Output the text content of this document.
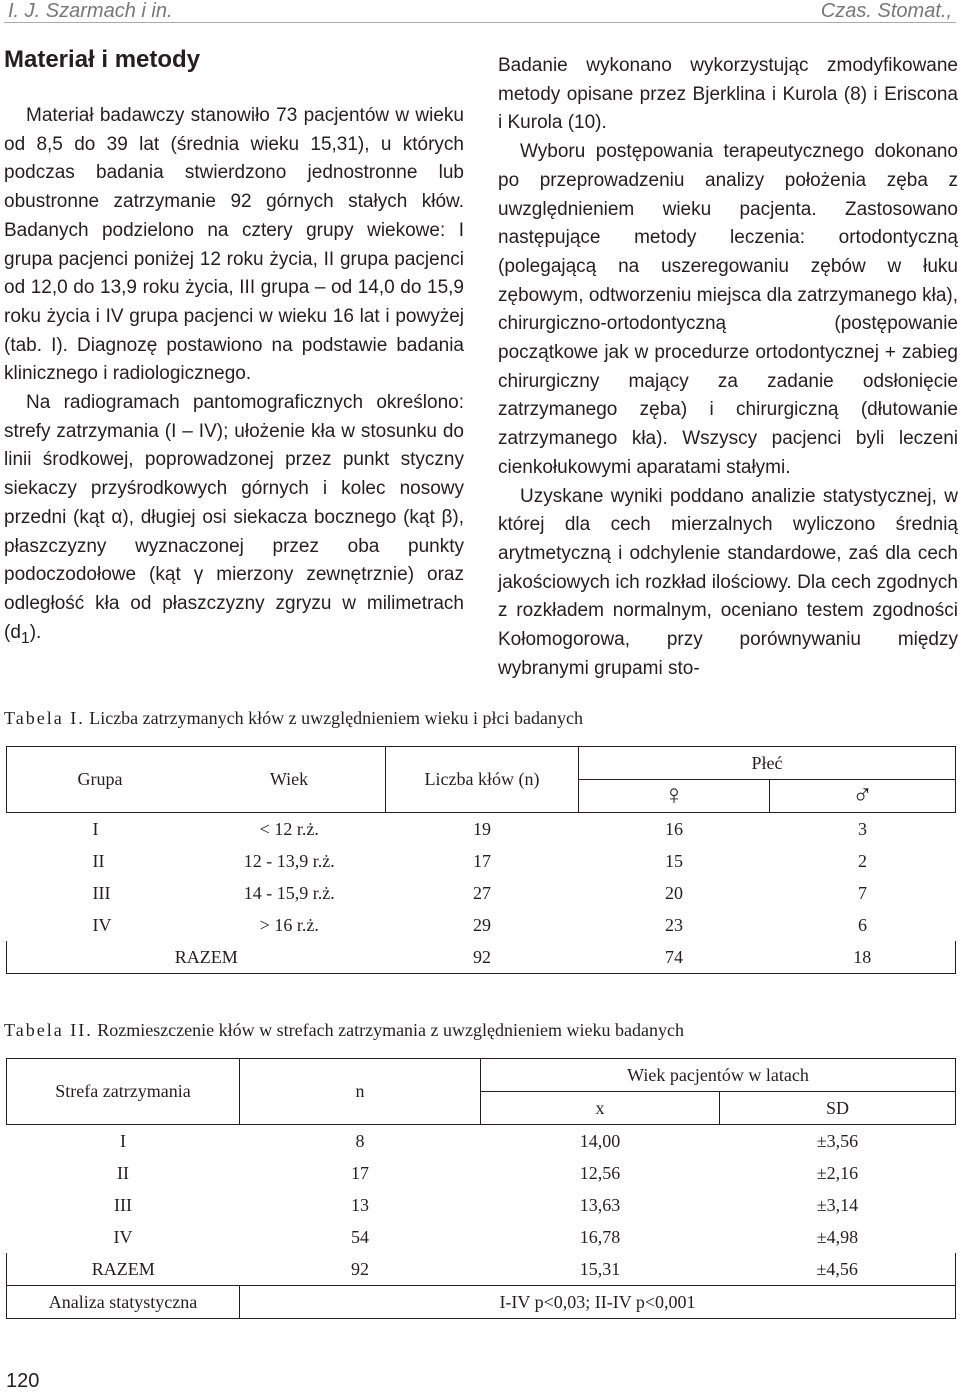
I. J. Szarmach i in.	Czas. Stomat.,
Materiał i metody

Materiał badawczy stanowiło 73 pacjentów w wieku od 8,5 do 39 lat (średnia wieku 15,31), u których podczas badania stwierdzono jednostronne lub obustronne zatrzymanie 92 górnych stałych kłów. Badanych podzielono na cztery grupy wiekowe: I grupa pacjenci poniżej 12 roku życia, II grupa pacjenci od 12,0 do 13,9 roku życia, III grupa – od 14,0 do 15,9 roku życia i IV grupa pacjenci w wieku 16 lat i powyżej (tab. I). Diagnozę postawiono na podstawie badania klinicznego i radiologicznego.

Na radiogramach pantomograficznych określono: strefy zatrzymania (I – IV); ułożenie kła w stosunku do linii środkowej, poprowadzonej przez punkt styczny siekaczy przyśrodkowych górnych i kolec nosowy przedni (kąt α), długiej osi siekacza bocznego (kąt β), płaszczyzny wyznaczonej przez oba punkty podoczodołowe (kąt γ mierzony zewnętrznie) oraz odległość kła od płaszczyzny zgryzu w milimetrach $(d_1)$.

Badanie wykonano wykorzystując zmodyfikowane metody opisane przez Bjerklina i Kurola (8) i Eriscona i Kurola (10).

Wyboru postępowania terapeutycznego dokonano po przeprowadzeniu analizy położenia zęba z uwzględnieniem wieku pacjenta. Zastosowano następujące metody leczenia: ortodontyczną (polegającą na uszeregowaniu zębów w łuku zębowym, odtworzeniu miejsca dla zatrzymanego kła), chirurgiczno-ortodontyczną (postępowanie początkowe jak w procedurze ortodontycznej + zabieg chirurgiczny mający za zadanie odsłonięcie zatrzymanego zęba) i chirurgiczną (dłutowanie zatrzymanego kła). Wszyscy pacjenci byli leczeni cienkołukowymi aparatami stałymi.

Uzyskane wyniki poddano analizie statystycznej, w której dla cech mierzalnych wyliczono średnią arytmetyczną i odchylenie standardowe, zaś dla cech jakościowych ich rozkład ilościowy. Dla cech zgodnych z rozkładem normalnym, oceniano testem zgodności Kołomogorowa, przy porównywaniu między wybranymi grupami sto-

Tabela I. Liczba zatrzymanych kłów z uwzględnieniem wieku i płci badanych
Grupa	Wiek	Liczba kłów (n)	Płeć	
			♀	♂
I	< 12 r.ż.	19	16	3
II	12 - 13,9 r.ż.	17	15	2
III	14 - 15,9 r.ż.	27	20	7
IV	> 16 r.ż.	29	23	6
RAZEM		92	74	18
Tabela II. Rozmieszczenie kłów w strefach zatrzymania z uwzględnieniem wieku badanych
Strefa zatrzymania	n	Wiek pacjentów w latach	
		x	SD
I	8	14,00	±3,56
II	17	12,56	±2,16
III	13	13,63	±3,14
IV	54	16,78	±4,98
RAZEM	92	15,31	±4,56
Analiza statystyczna	I-IV p<0,03; II-IV p<0,001		
120
